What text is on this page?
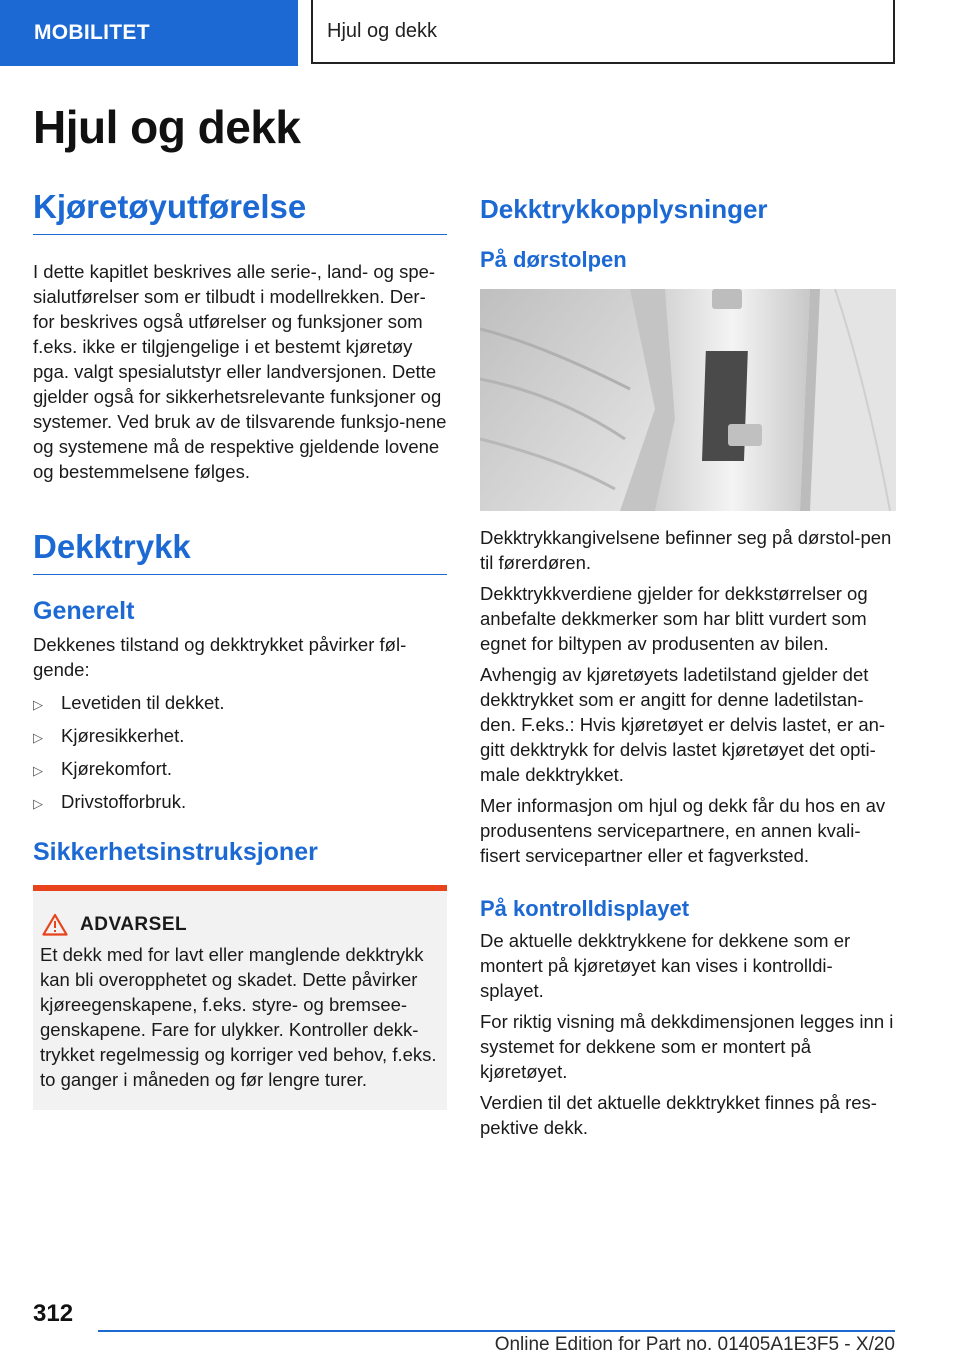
MOBILITET	Hjul og dekk
Hjul og dekk
Kjøretøyutførelse

I dette kapitlet beskrives alle serie-, land- og spe-sialutførelser som er tilbudt i modellrekken. Der-for beskrives også utførelser og funksjoner som f.eks. ikke er tilgjengelige i et bestemt kjøretøy pga. valgt spesialutstyr eller landversjonen. Dette gjelder også for sikkerhetsrelevante funksjoner og systemer. Ved bruk av de tilsvarende funksjo-nene og systemene må de respektive gjeldende lovene og bestemmelsene følges.

Dekktrykk
Generelt

Dekkenes tilstand og dekktrykket påvirker føl-gende:

▷ Levetiden til dekket.
▷ Kjøresikkerhet.
▷ Kjørekomfort.
▷ Drivstofforbruk.
Sikkerhetsinstruksjoner
ADVARSEL

Et dekk med for lavt eller manglende dekktrykk kan bli overopphetet og skadet. Dette påvirker kjøreegenskapene, f.eks. styre- og bremsee-genskapene. Fare for ulykker. Kontroller dekk-trykket regelmessig og korriger ved behov, f.eks. to ganger i måneden og før lengre turer.

Dekktrykkopplysninger
På dørstolpen

Dekktrykkangivelsene befinner seg på dørstol-pen til førerdøren.

Dekktrykkverdiene gjelder for dekkstørrelser og anbefalte dekkmerker som har blitt vurdert som egnet for biltypen av produsenten av bilen.

Avhengig av kjøretøyets ladetilstand gjelder det dekktrykket som er angitt for denne ladetilstan-den. F.eks.: Hvis kjøretøyet er delvis lastet, er an-gitt dekktrykk for delvis lastet kjøretøyet det opti-male dekktrykket.

Mer informasjon om hjul og dekk får du hos en av produsentens servicepartnere, en annen kvali-fisert servicepartner eller et fagverksted.

På kontrolldisplayet

De aktuelle dekktrykkene for dekkene som er montert på kjøretøyet kan vises i kontrolldi-splayet.

For riktig visning må dekkdimensjonen legges inn i systemet for dekkene som er montert på kjøretøyet.

Verdien til det aktuelle dekktrykket finnes på res-pektive dekk.

312
Online Edition for Part no. 01405A1E3F5 - X/20
